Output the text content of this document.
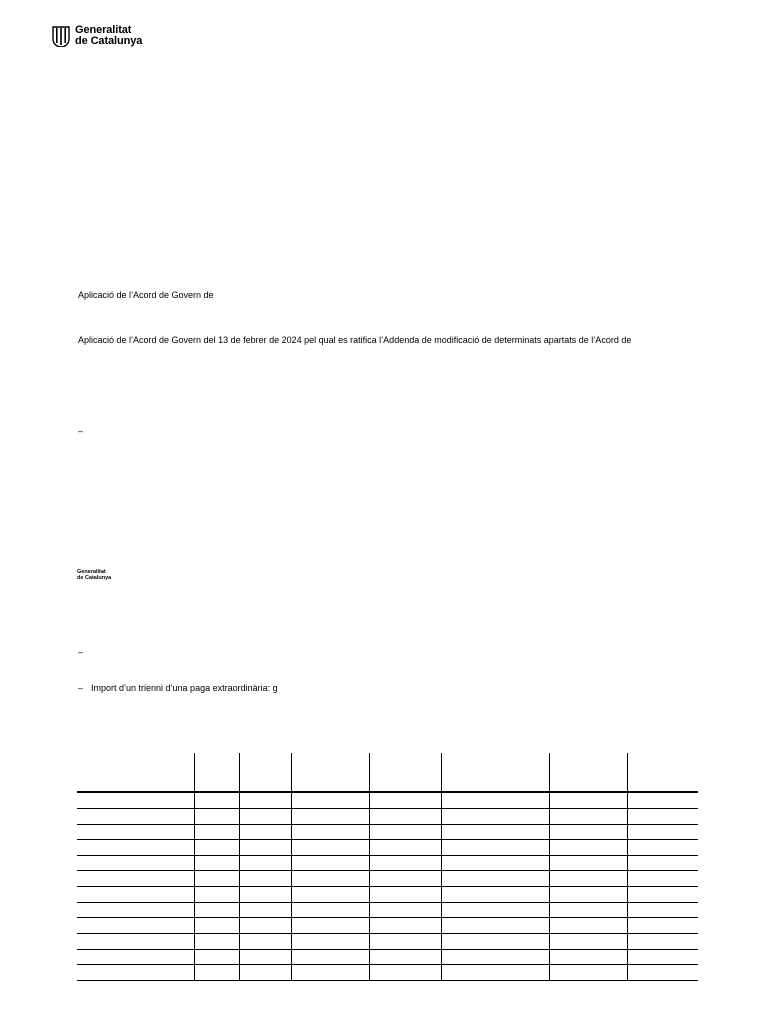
Generalitat
de Catalunya
Aplicació de l’Acord de Govern de
Aplicació de l’Acord de Govern del 13 de febrer de 2024 pel qual es ratifica l’Addenda de modificació de determinats apartats de l’Acord de
–
Generalitat
de Catalunya
–
– Import d’un trienni d’una paga extraordinària: g
